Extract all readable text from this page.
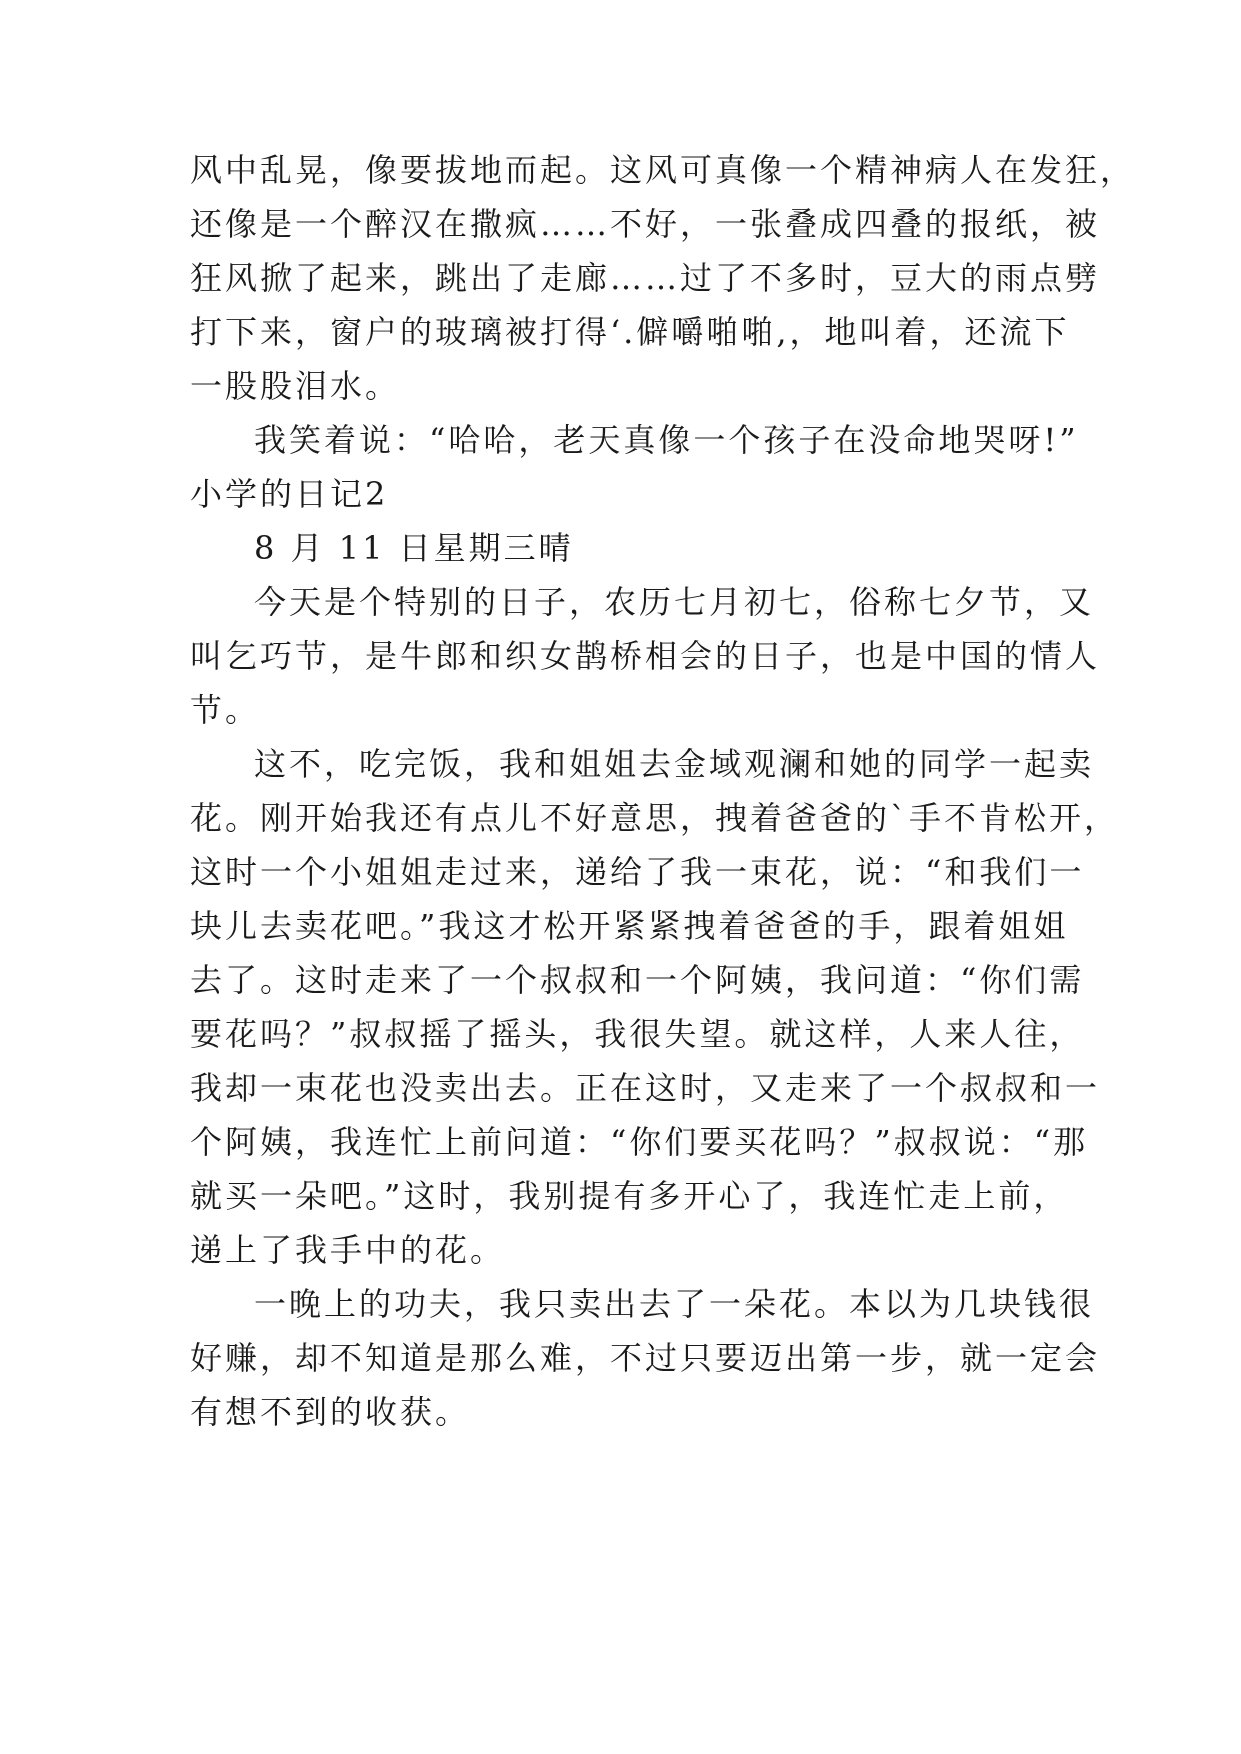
风中乱晃，像要拔地而起。这风可真像一个精神病人在发狂，
还像是一个醉汉在撒疯……不好，一张叠成四叠的报纸，被
狂风掀了起来，跳出了走廊……过了不多时，豆大的雨点劈
打下来，窗户的玻璃被打得‘.僻嚼啪啪,，地叫着，还流下
一股股泪水。
我笑着说：“哈哈，老天真像一个孩子在没命地哭呀!”
小学的日记2
8 月 11 日星期三晴
今天是个特别的日子，农历七月初七，俗称七夕节，又
叫乞巧节，是牛郎和织女鹊桥相会的日子，也是中国的情人
节。
这不，吃完饭，我和姐姐去金域观澜和她的同学一起卖
花。刚开始我还有点儿不好意思，拽着爸爸的`手不肯松开，
这时一个小姐姐走过来，递给了我一束花，说：“和我们一
块儿去卖花吧。”我这才松开紧紧拽着爸爸的手，跟着姐姐
去了。这时走来了一个叔叔和一个阿姨，我问道：“你们需
要花吗？”叔叔摇了摇头，我很失望。就这样，人来人往，
我却一束花也没卖出去。正在这时，又走来了一个叔叔和一
个阿姨，我连忙上前问道：“你们要买花吗？”叔叔说：“那
就买一朵吧。”这时，我别提有多开心了，我连忙走上前，
递上了我手中的花。
一晚上的功夫，我只卖出去了一朵花。本以为几块钱很
好赚，却不知道是那么难，不过只要迈出第一步，就一定会
有想不到的收获。
